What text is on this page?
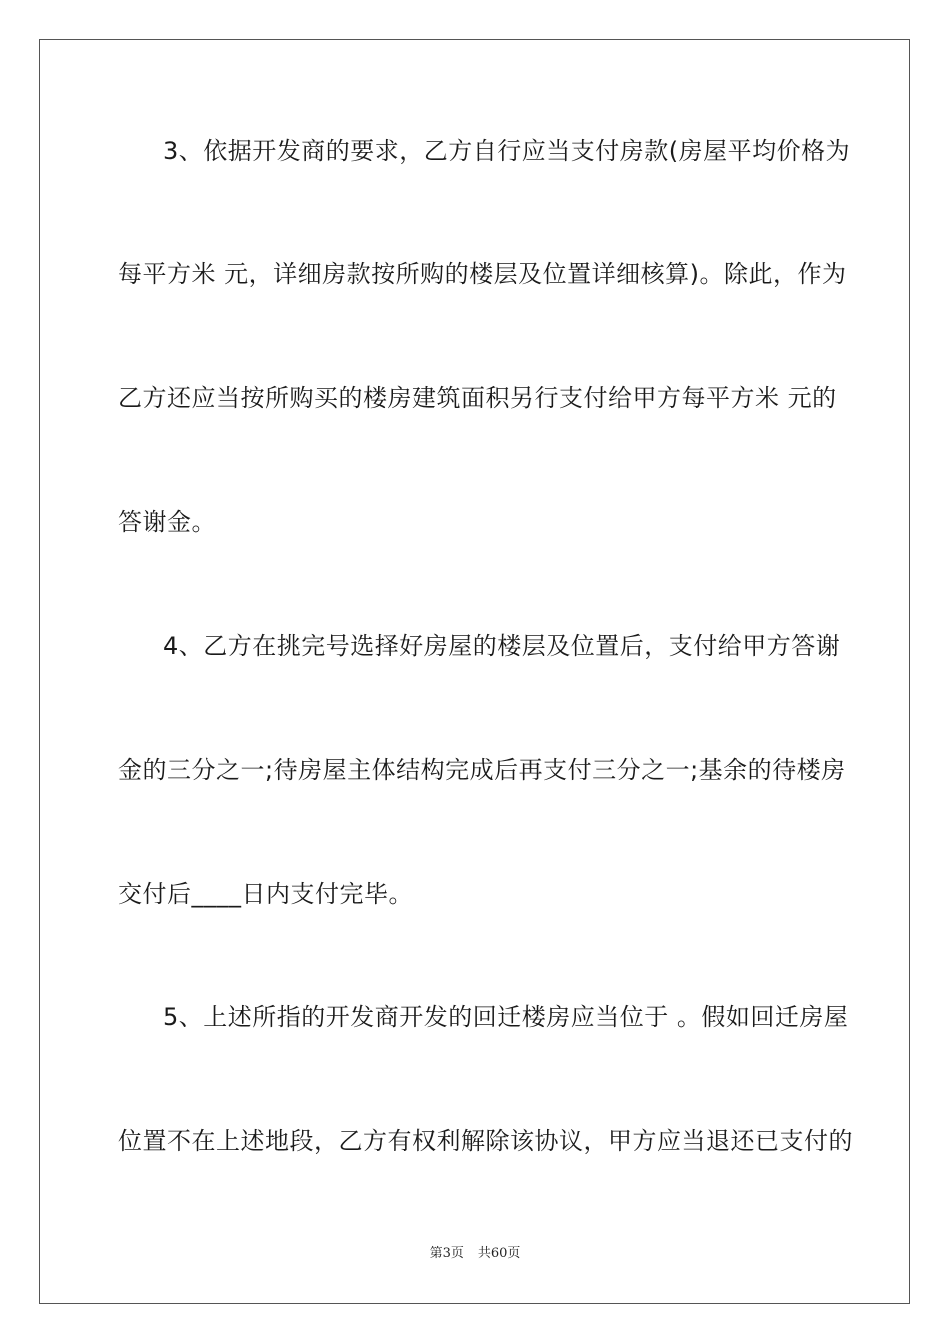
3、依据开发商的要求，乙方自行应当支付房款(房屋平均价格为
每平方米 元，详细房款按所购的楼层及位置详细核算)。除此，作为
乙方还应当按所购买的楼房建筑面积另行支付给甲方每平方米 元的
答谢金。
4、乙方在挑完号选择好房屋的楼层及位置后，支付给甲方答谢
金的三分之一;待房屋主体结构完成后再支付三分之一;基余的待楼房
交付后____日内支付完毕。
5、上述所指的开发商开发的回迁楼房应当位于 。假如回迁房屋
位置不在上述地段，乙方有权利解除该协议，甲方应当退还已支付的
第3页 共60页
